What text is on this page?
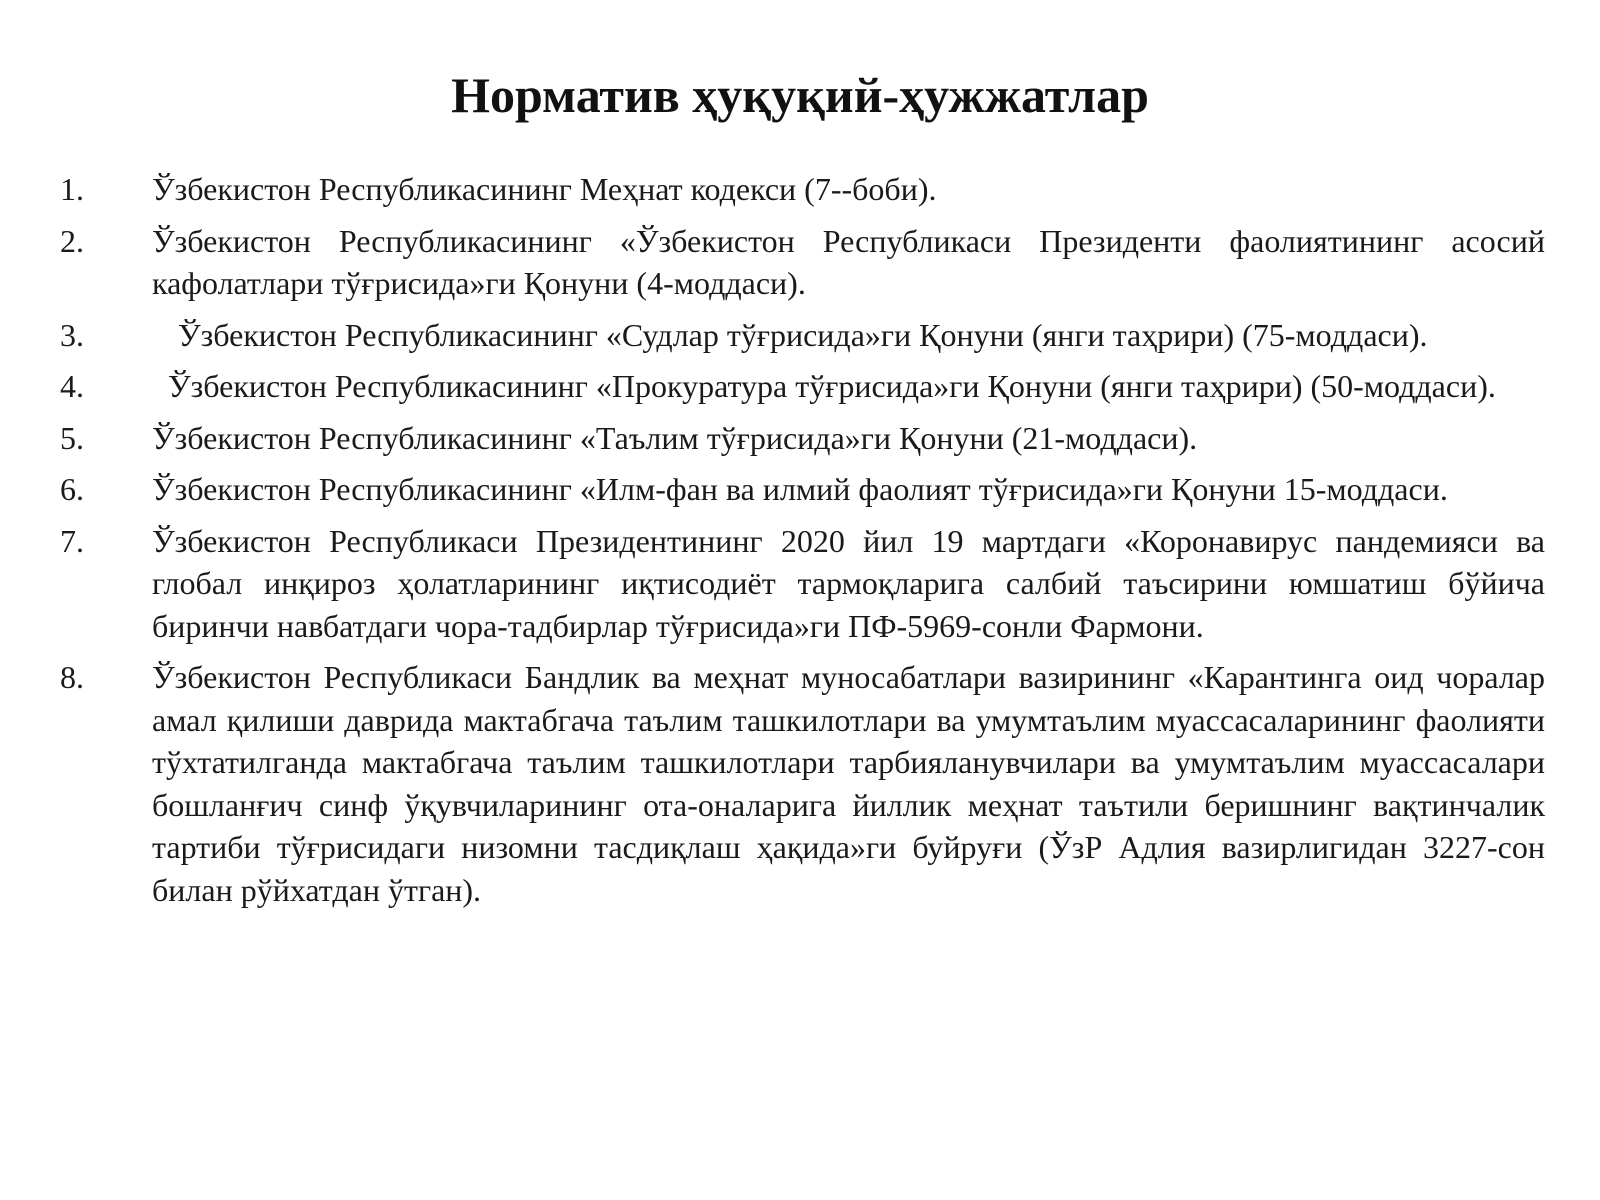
Норматив ҳуқуқий-ҳужжатлар
1.	Ўзбекистон Республикасининг Меҳнат кодекси (7--боби).
2.	Ўзбекистон Республикасининг «Ўзбекистон Республикаси Президенти фаолиятининг асосий кафолатлари тўғрисида»ги Қонуни (4-моддаси).
3.	Ўзбекистон Республикасининг «Судлар тўғрисида»ги Қонуни (янги таҳрири) (75-моддаси).
4.	Ўзбекистон Республикасининг «Прокуратура тўғрисида»ги Қонуни (янги таҳрири) (50-моддаси).
5.	Ўзбекистон Республикасининг «Таълим тўғрисида»ги Қонуни (21-моддаси).
6.	Ўзбекистон Республикасининг «Илм-фан ва илмий фаолият тўғрисида»ги Қонуни 15-моддаси.
7.	Ўзбекистон Республикаси Президентининг 2020 йил 19 мартдаги «Коронавирус пандемияси ва глобал инқироз ҳолатларининг иқтисодиёт тармоқларига салбий таъсирини юмшатиш бўйича биринчи навбатдаги чора-тадбирлар тўғрисида»ги ПФ-5969-сонли Фармони.
8.	Ўзбекистон Республикаси Бандлик ва меҳнат муносабатлари вазирининг «Карантинга оид чоралар амал қилиши даврида мактабгача таълим ташкилотлари ва умумтаълим муассасаларининг фаолияти тўхтатилганда мактабгача таълим ташкилотлари тарбияланувчилари ва умумтаълим муассасалари бошланғич синф ўқувчиларининг ота-оналарига йиллик меҳнат таътили беришнинг вақтинчалик тартиби тўғрисидаги низомни тасдиқлаш ҳақида»ги буйруғи (ЎзР Адлия вазирлигидан 3227-сон билан рўйхатдан ўтган).
